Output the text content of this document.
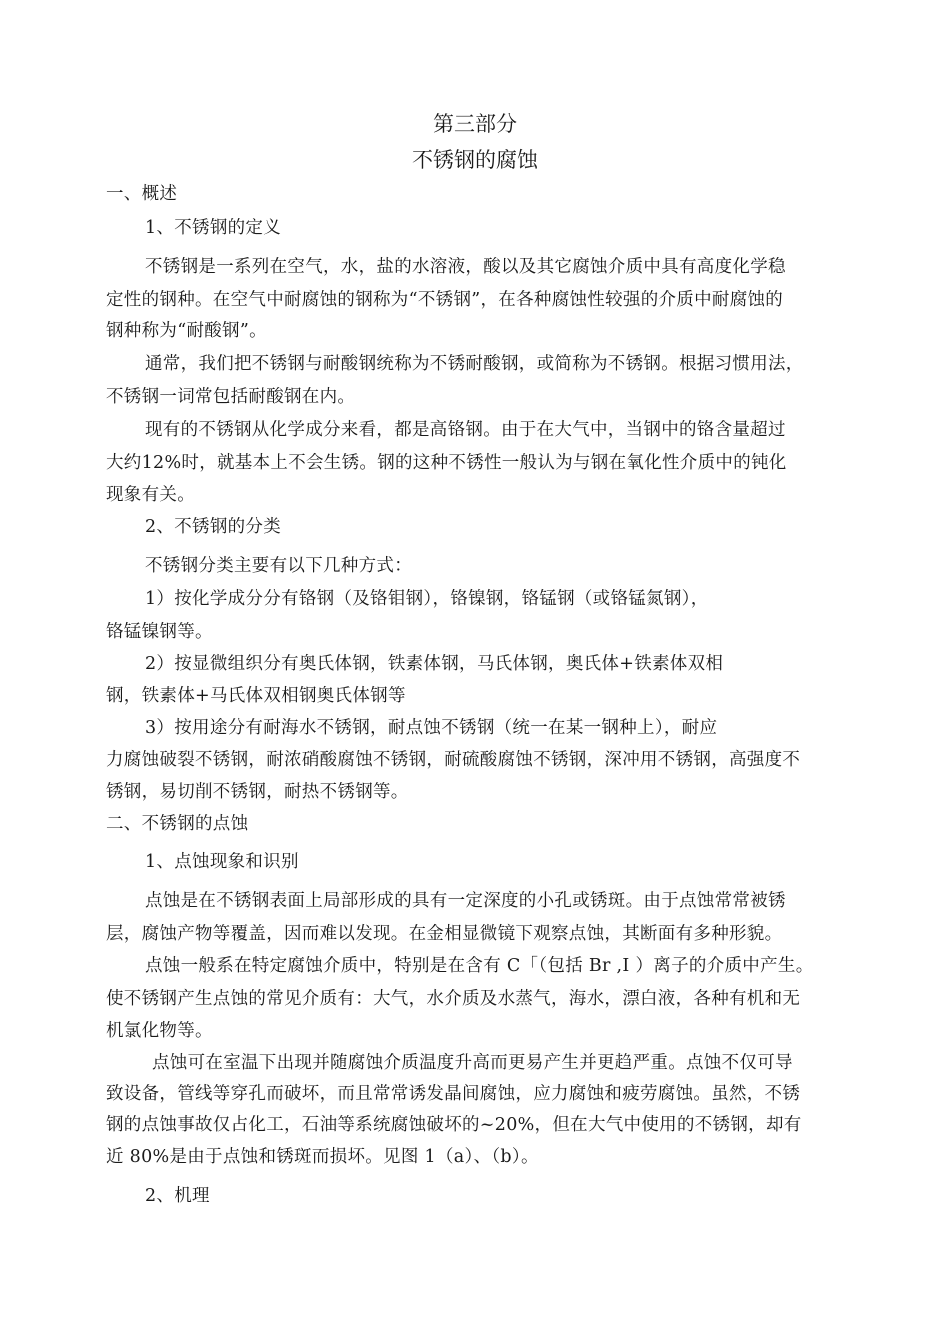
第三部分
不锈钢的腐蚀
一、概述
1、不锈钢的定义
不锈钢是一系列在空气，水，盐的水溶液，酸以及其它腐蚀介质中具有高度化学稳
定性的钢种。在空气中耐腐蚀的钢称为“不锈钢”，在各种腐蚀性较强的介质中耐腐蚀的
钢种称为“耐酸钢”。
通常，我们把不锈钢与耐酸钢统称为不锈耐酸钢，或简称为不锈钢。根据习惯用法，
不锈钢一词常包括耐酸钢在内。
现有的不锈钢从化学成分来看，都是高铬钢。由于在大气中，当钢中的铬含量超过
大约12%时，就基本上不会生锈。钢的这种不锈性一般认为与钢在氧化性介质中的钝化
现象有关。
2、不锈钢的分类
不锈钢分类主要有以下几种方式：
1）按化学成分分有铬钢（及铬钼钢），铬镍钢，铬锰钢（或铬锰氮钢），
铬锰镍钢等。
2）按显微组织分有奥氏体钢，铁素体钢，马氏体钢，奥氏体+铁素体双相
钢，铁素体+马氏体双相钢奥氏体钢等
3）按用途分有耐海水不锈钢，耐点蚀不锈钢（统一在某一钢种上），耐应
力腐蚀破裂不锈钢，耐浓硝酸腐蚀不锈钢，耐硫酸腐蚀不锈钢，深冲用不锈钢，高强度不
锈钢，易切削不锈钢，耐热不锈钢等。
二、不锈钢的点蚀
1、点蚀现象和识别
点蚀是在不锈钢表面上局部形成的具有一定深度的小孔或锈斑。由于点蚀常常被锈
层，腐蚀产物等覆盖，因而难以发现。在金相显微镜下观察点蚀，其断面有多种形貌。
点蚀一般系在特定腐蚀介质中，特别是在含有 C「（包括 Br ,I ）离子的介质中产生。
使不锈钢产生点蚀的常见介质有：大气，水介质及水蒸气，海水，漂白液，各种有机和无
机氯化物等。
点蚀可在室温下出现并随腐蚀介质温度升高而更易产生并更趋严重。点蚀不仅可导
致设备，管线等穿孔而破坏，而且常常诱发晶间腐蚀，应力腐蚀和疲劳腐蚀。虽然，不锈
钢的点蚀事故仅占化工，石油等系统腐蚀破坏的~20%，但在大气中使用的不锈钢，却有
近 80%是由于点蚀和锈斑而损坏。见图 1（a）、（b）。
2、机理
